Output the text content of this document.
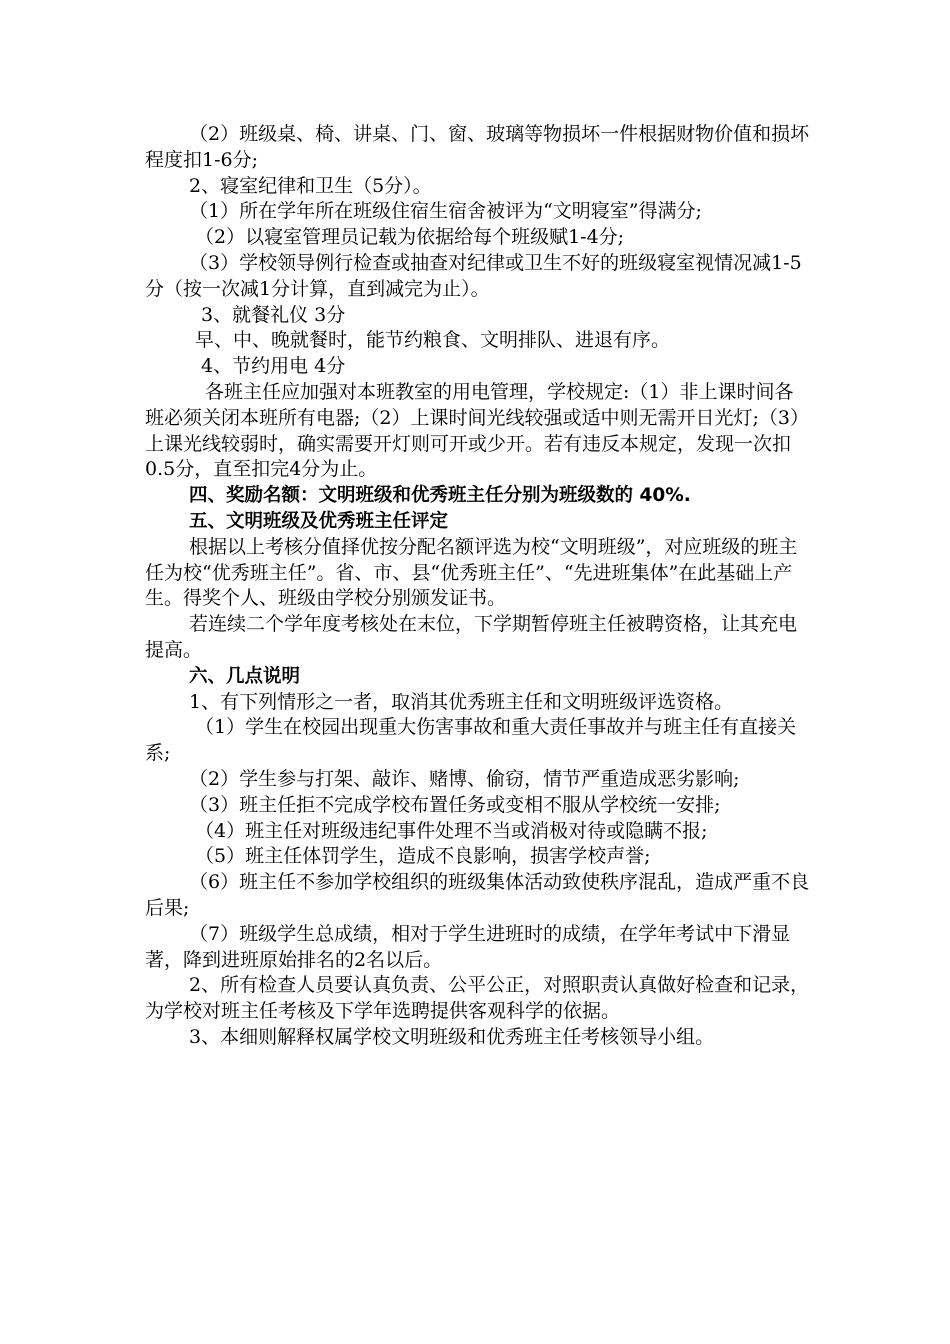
（2）班级桌、椅、讲桌、门、窗、玻璃等物损坏一件根据财物价值和损坏程度扣1-6分;

2、寝室纪律和卫生（5分）。

（1）所在学年所在班级住宿生宿舍被评为“文明寝室”得满分;

（2）以寝室管理员记载为依据给每个班级赋1-4分;

（3）学校领导例行检查或抽查对纪律或卫生不好的班级寝室视情况减1-5分（按一次减1分计算，直到减完为止）。

3、就餐礼仪 3分

早、中、晚就餐时，能节约粮食、文明排队、进退有序。

4、节约用电 4分

各班主任应加强对本班教室的用电管理，学校规定:（1）非上课时间各班必须关闭本班所有电器;（2）上课时间光线较强或适中则无需开日光灯;（3）上课光线较弱时，确实需要开灯则可开或少开。若有违反本规定，发现一次扣 0.5分，直至扣完4分为止。

四、奖励名额：文明班级和优秀班主任分别为班级数的 40%.

五、文明班级及优秀班主任评定

根据以上考核分值择优按分配名额评选为校“文明班级”，对应班级的班主任为校“优秀班主任”。省、市、县“优秀班主任”、“先进班集体”在此基础上产生。得奖个人、班级由学校分别颁发证书。

若连续二个学年度考核处在末位，下学期暂停班主任被聘资格，让其充电提高。

六、几点说明

1、有下列情形之一者，取消其优秀班主任和文明班级评选资格。

（1）学生在校园出现重大伤害事故和重大责任事故并与班主任有直接关系;

（2）学生参与打架、敲诈、赌博、偷窃，情节严重造成恶劣影响;

（3）班主任拒不完成学校布置任务或变相不服从学校统一安排;

（4）班主任对班级违纪事件处理不当或消极对待或隐瞒不报;

（5）班主任体罚学生，造成不良影响，损害学校声誉;

（6）班主任不参加学校组织的班级集体活动致使秩序混乱，造成严重不良后果;

（7）班级学生总成绩，相对于学生进班时的成绩，在学年考试中下滑显著，降到进班原始排名的2名以后。

2、所有检查人员要认真负责、公平公正，对照职责认真做好检查和记录，为学校对班主任考核及下学年选聘提供客观科学的依据。

3、本细则解释权属学校文明班级和优秀班主任考核领导小组。
